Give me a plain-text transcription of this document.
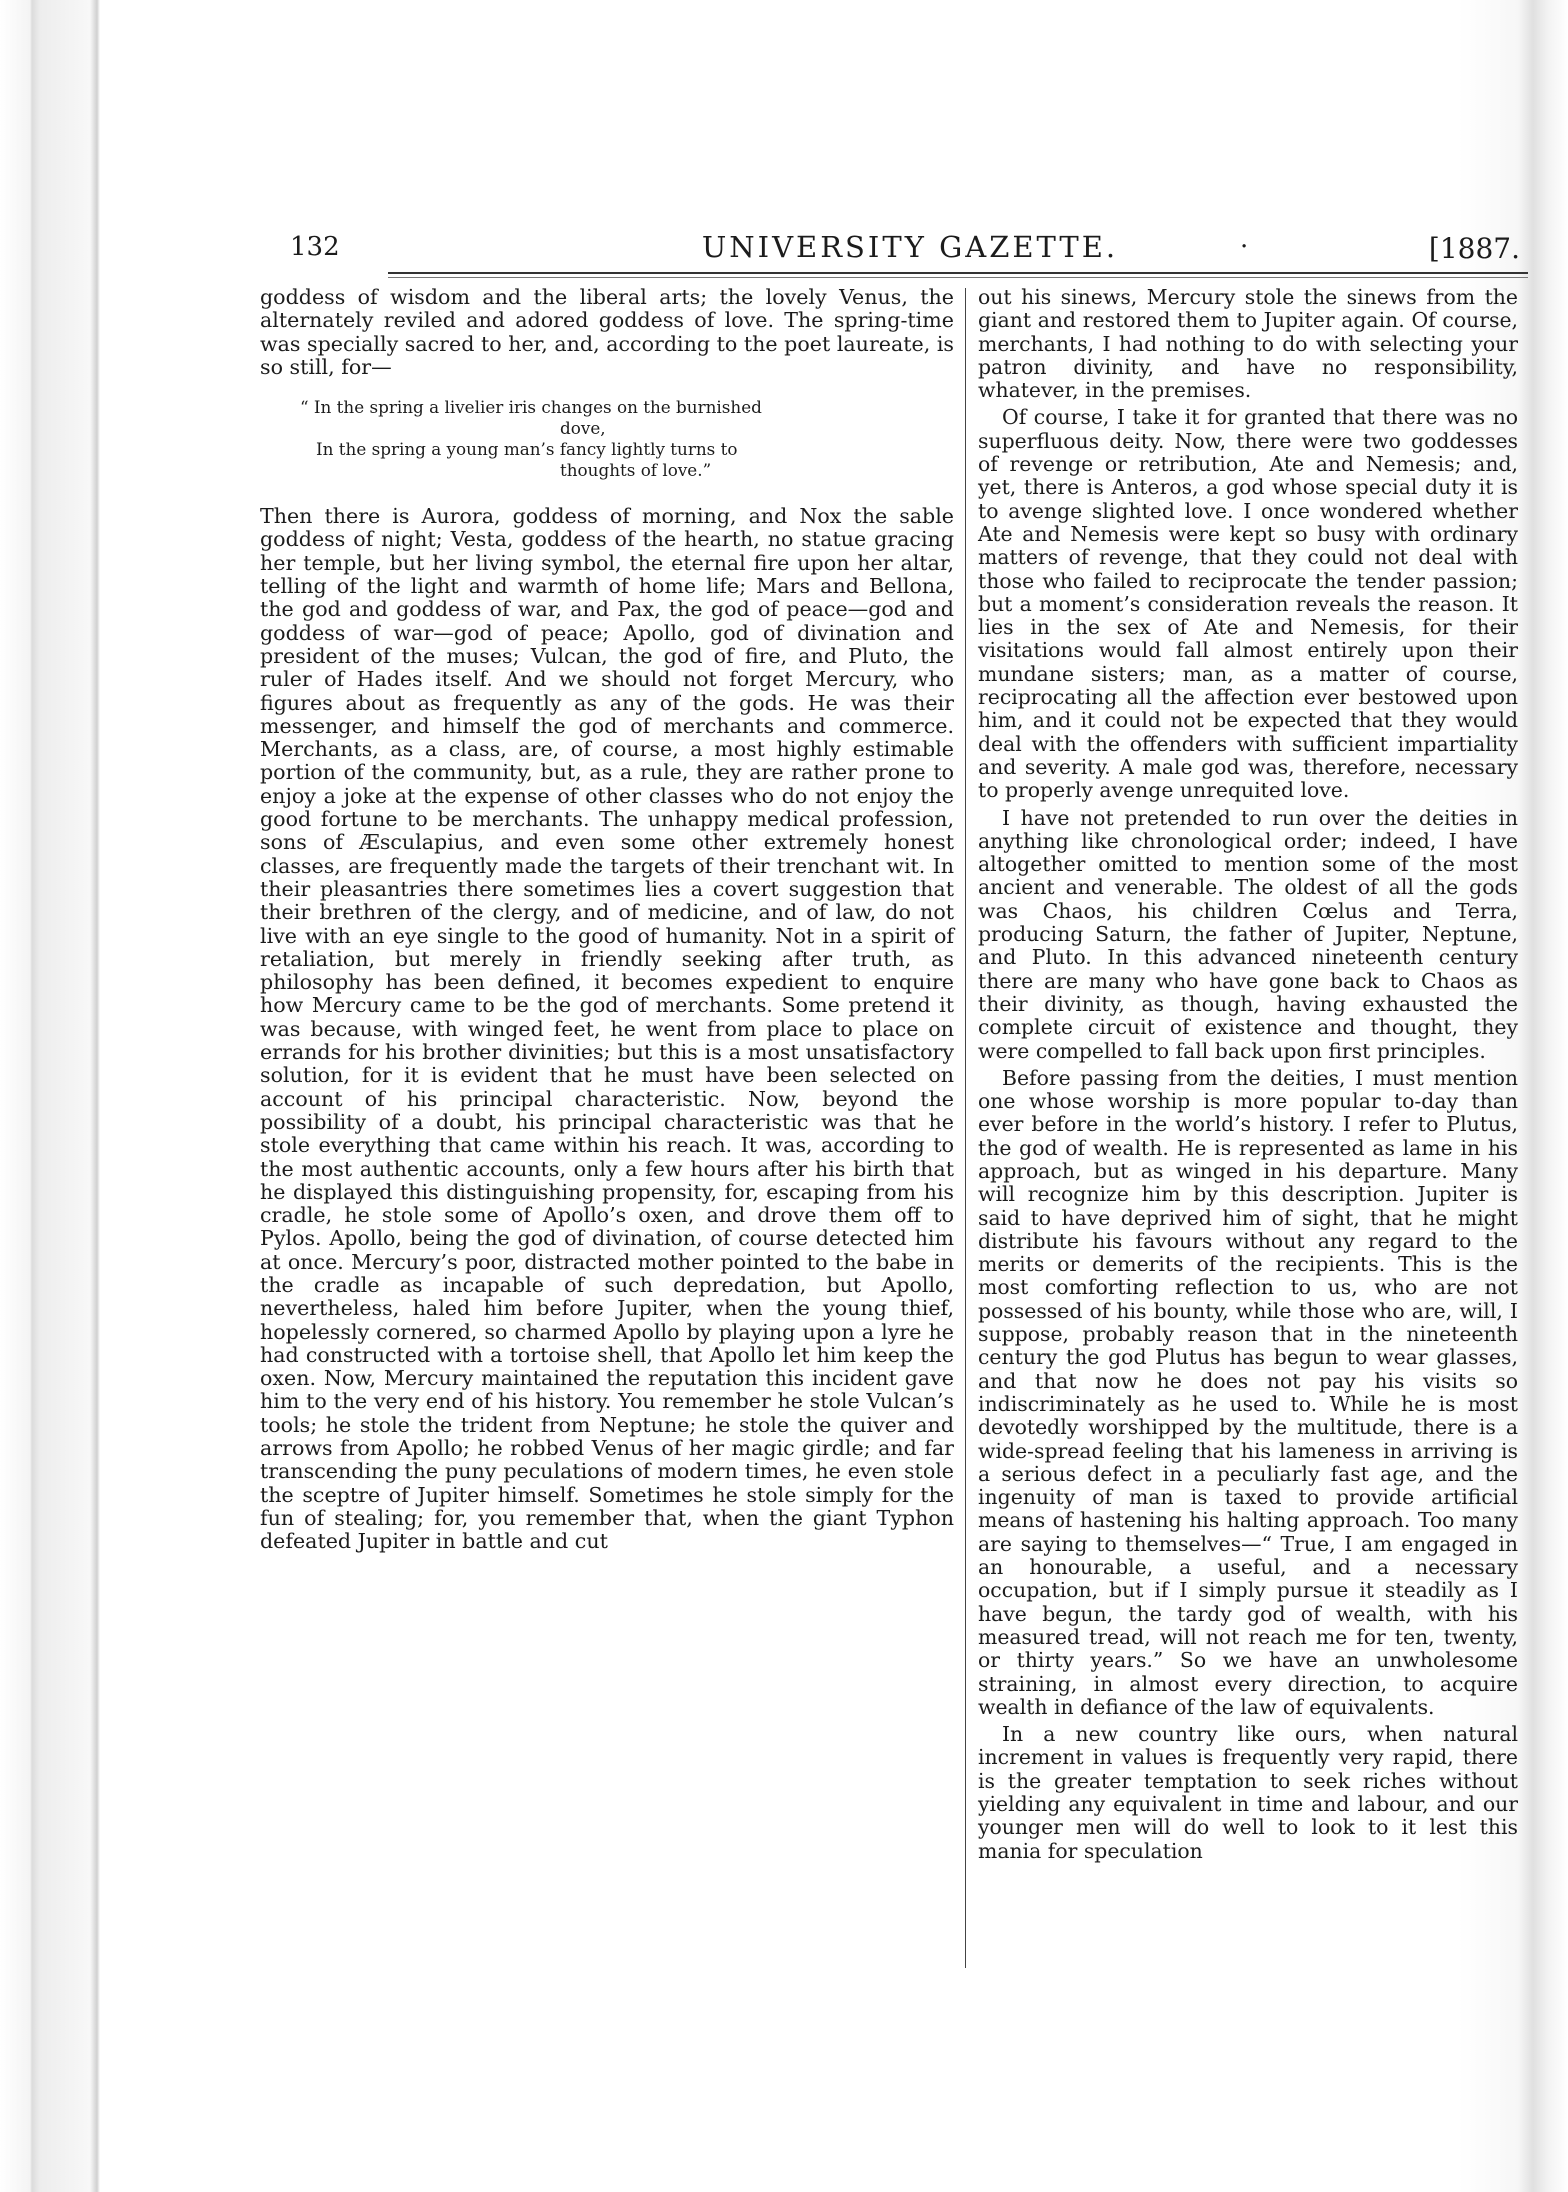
132	UNIVERSITY GAZETTE.	·	[1887.

goddess of wisdom and the liberal arts; the lovely Venus, the alternately reviled and adored goddess of love. The spring-time was specially sacred to her, and, according to the poet laureate, is so still, for—

“ In the spring a livelier iris changes on the burnished

dove,

In the spring a young man’s fancy lightly turns to

thoughts of love.”

Then there is Aurora, goddess of morning, and Nox the sable goddess of night; Vesta, goddess of the hearth, no statue gracing her temple, but her living symbol, the eternal fire upon her altar, telling of the light and warmth of home life; Mars and Bellona, the god and goddess of war, and Pax, the god of peace—god and goddess of war—god of peace; Apollo, god of divination and president of the muses; Vulcan, the god of fire, and Pluto, the ruler of Hades itself. And we should not forget Mercury, who figures about as frequently as any of the gods. He was their messenger, and himself the god of merchants and commerce. Merchants, as a class, are, of course, a most highly estimable portion of the community, but, as a rule, they are rather prone to enjoy a joke at the expense of other classes who do not enjoy the good fortune to be merchants. The unhappy medical profession, sons of Æsculapius, and even some other extremely honest classes, are frequently made the targets of their trenchant wit. In their pleasantries there sometimes lies a covert suggestion that their brethren of the clergy, and of medicine, and of law, do not live with an eye single to the good of humanity. Not in a spirit of retaliation, but merely in friendly seeking after truth, as philosophy has been defined, it becomes expedient to enquire how Mercury came to be the god of merchants. Some pretend it was because, with winged feet, he went from place to place on errands for his brother divinities; but this is a most unsatisfactory solution, for it is evident that he must have been selected on account of his principal characteristic. Now, beyond the possibility of a doubt, his principal characteristic was that he stole everything that came within his reach. It was, according to the most authentic accounts, only a few hours after his birth that he displayed this distinguishing propensity, for, escaping from his cradle, he stole some of Apollo’s oxen, and drove them off to Pylos. Apollo, being the god of divination, of course detected him at once. Mercury’s poor, distracted mother pointed to the babe in the cradle as incapable of such depredation, but Apollo, nevertheless, haled him before Jupiter, when the young thief, hopelessly cornered, so charmed Apollo by playing upon a lyre he had constructed with a tortoise shell, that Apollo let him keep the oxen. Now, Mercury maintained the reputation this incident gave him to the very end of his history. You remember he stole Vulcan’s tools; he stole the trident from Neptune; he stole the quiver and arrows from Apollo; he robbed Venus of her magic girdle; and far transcending the puny peculations of modern times, he even stole the sceptre of Jupiter himself. Sometimes he stole simply for the fun of stealing; for, you remember that, when the giant Typhon defeated Jupiter in battle and cut

out his sinews, Mercury stole the sinews from the giant and restored them to Jupiter again. Of course, merchants, I had nothing to do with selecting your patron divinity, and have no responsibility, whatever, in the premises.

Of course, I take it for granted that there was no superfluous deity. Now, there were two goddesses of revenge or retribution, Ate and Nemesis; and, yet, there is Anteros, a god whose special duty it is to avenge slighted love. I once wondered whether Ate and Nemesis were kept so busy with ordinary matters of revenge, that they could not deal with those who failed to reciprocate the tender passion; but a moment’s consideration reveals the reason. It lies in the sex of Ate and Nemesis, for their visitations would fall almost entirely upon their mundane sisters; man, as a matter of course, reciprocating all the affection ever bestowed upon him, and it could not be expected that they would deal with the offenders with sufficient impartiality and severity. A male god was, therefore, necessary to properly avenge unrequited love.

I have not pretended to run over the deities in anything like chronological order; indeed, I have altogether omitted to mention some of the most ancient and venerable. The oldest of all the gods was Chaos, his children Cœlus and Terra, producing Saturn, the father of Jupiter, Neptune, and Pluto. In this advanced nineteenth century there are many who have gone back to Chaos as their divinity, as though, having exhausted the complete circuit of existence and thought, they were compelled to fall back upon first principles.

Before passing from the deities, I must mention one whose worship is more popular to-day than ever before in the world’s history. I refer to Plutus, the god of wealth. He is represented as lame in his approach, but as winged in his departure. Many will recognize him by this description. Jupiter is said to have deprived him of sight, that he might distribute his favours without any regard to the merits or demerits of the recipients. This is the most comforting reflection to us, who are not possessed of his bounty, while those who are, will, I suppose, probably reason that in the nineteenth century the god Plutus has begun to wear glasses, and that now he does not pay his visits so indiscriminately as he used to. While he is most devotedly worshipped by the multitude, there is a wide-spread feeling that his lameness in arriving is a serious defect in a peculiarly fast age, and the ingenuity of man is taxed to provide artificial means of hastening his halting approach. Too many are saying to themselves—“ True, I am engaged in an honourable, a useful, and a necessary occupation, but if I simply pursue it steadily as I have begun, the tardy god of wealth, with his measured tread, will not reach me for ten, twenty, or thirty years.” So we have an unwholesome straining, in almost every direction, to acquire wealth in defiance of the law of equivalents.

In a new country like ours, when natural increment in values is frequently very rapid, there is the greater temptation to seek riches without yielding any equivalent in time and labour, and our younger men will do well to look to it lest this mania for speculation
